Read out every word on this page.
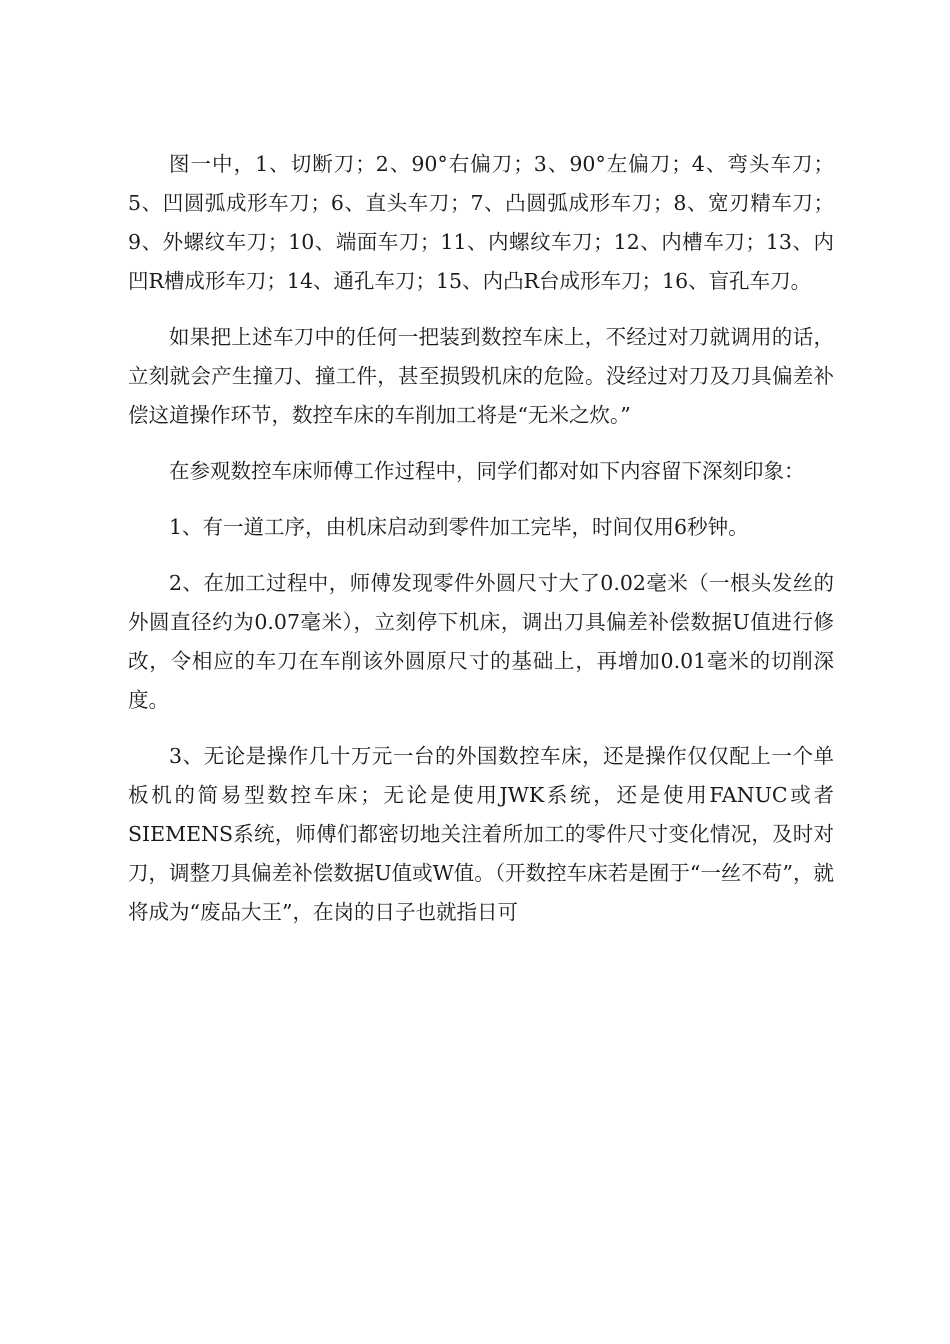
图一中，1、切断刀；2、90°右偏刀；3、90°左偏刀；4、弯头车刀；5、凹圆弧成形车刀；6、直头车刀；7、凸圆弧成形车刀；8、宽刃精车刀；9、外螺纹车刀；10、端面车刀；11、内螺纹车刀；12、内槽车刀；13、内凹R槽成形车刀；14、通孔车刀；15、内凸R台成形车刀；16、盲孔车刀。

如果把上述车刀中的任何一把装到数控车床上，不经过对刀就调用的话，立刻就会产生撞刀、撞工件，甚至损毁机床的危险。没经过对刀及刀具偏差补偿这道操作环节，数控车床的车削加工将是“无米之炊。”

在参观数控车床师傅工作过程中，同学们都对如下内容留下深刻印象：

1、有一道工序，由机床启动到零件加工完毕，时间仅用6秒钟。

2、在加工过程中，师傅发现零件外圆尺寸大了0.02毫米（一根头发丝的外圆直径约为0.07毫米），立刻停下机床，调出刀具偏差补偿数据U值进行修改，令相应的车刀在车削该外圆原尺寸的基础上，再增加0.01毫米的切削深度。

3、无论是操作几十万元一台的外国数控车床，还是操作仅仅配上一个单板机的简易型数控车床；无论是使用JWK系统，还是使用FANUC或者SIEMENS系统，师傅们都密切地关注着所加工的零件尺寸变化情况，及时对刀，调整刀具偏差补偿数据U值或W值。（开数控车床若是囿于“一丝不苟”，就将成为“废品大王”，在岗的日子也就指日可
